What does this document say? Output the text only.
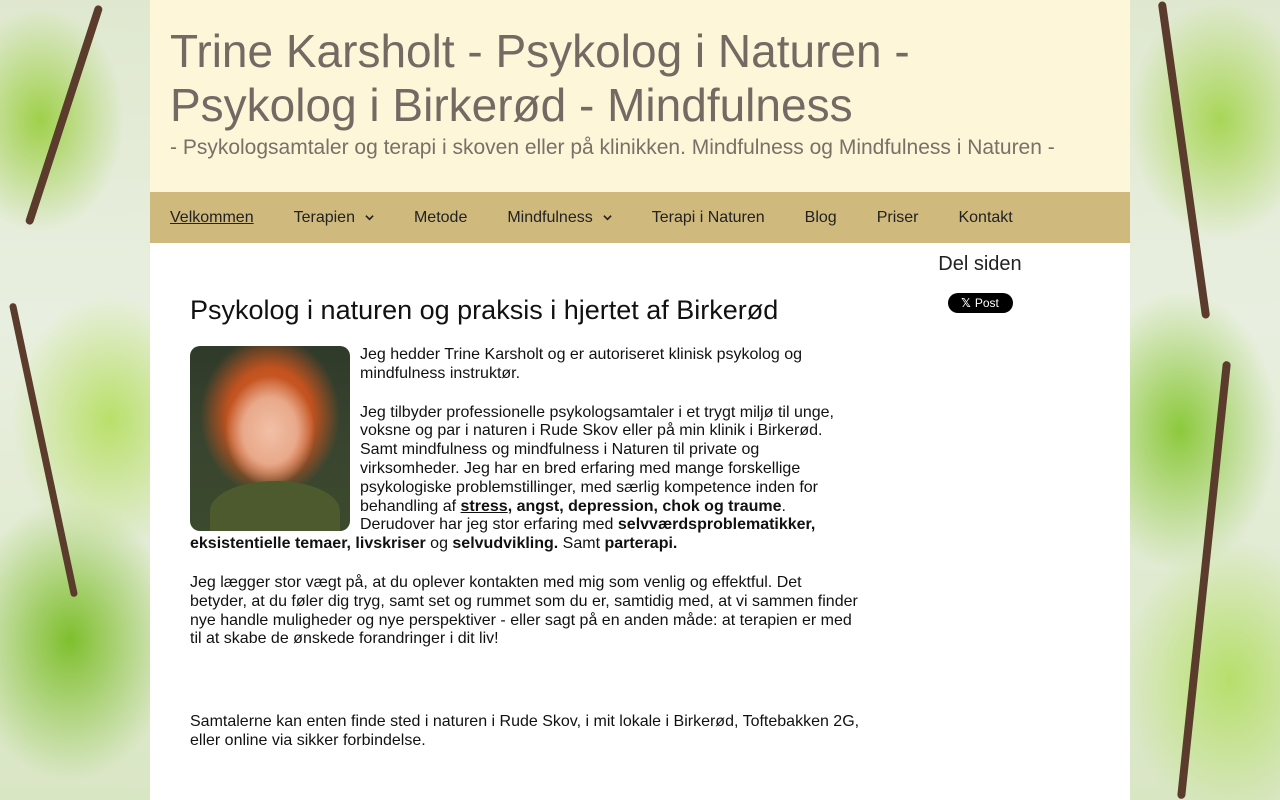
Trine Karsholt - Psykolog i Naturen - Psykolog i Birkerød - Mindfulness
- Psykologsamtaler og terapi i skoven eller på klinikken. Mindfulness og Mindfulness i Naturen -
Velkommen	Terapien	Metode	Mindfulness	Terapi i Naturen	Blog	Priser	Kontakt
Psykolog i naturen og praksis i hjertet af Birkerød
Jeg hedder Trine Karsholt og er autoriseret klinisk psykolog og mindfulness instruktør.
Jeg tilbyder professionelle psykologsamtaler i et trygt miljø til unge, voksne og par i naturen i Rude Skov eller på min klinik i Birkerød. Samt mindfulness og mindfulness i Naturen til private og virksomheder. Jeg har en bred erfaring med mange forskellige psykologiske problemstillinger, med særlig kompetence inden for behandling af stress, angst, depression, chok og traume. Derudover har jeg stor erfaring med selvværdsproblematikker, eksistentielle temaer, livskriser og selvudvikling. Samt parterapi.
Jeg lægger stor vægt på, at du oplever kontakten med mig som venlig og effektful. Det betyder, at du føler dig tryg, samt set og rummet som du er, samtidig med, at vi sammen finder nye handle muligheder og nye perspektiver - eller sagt på en anden måde: at terapien er med til at skabe de ønskede forandringer i dit liv!
Samtalerne kan enten finde sted i naturen i Rude Skov, i mit lokale i Birkerød, Toftebakken 2G, eller online via sikker forbindelse.
Del siden
𝕏 Post
